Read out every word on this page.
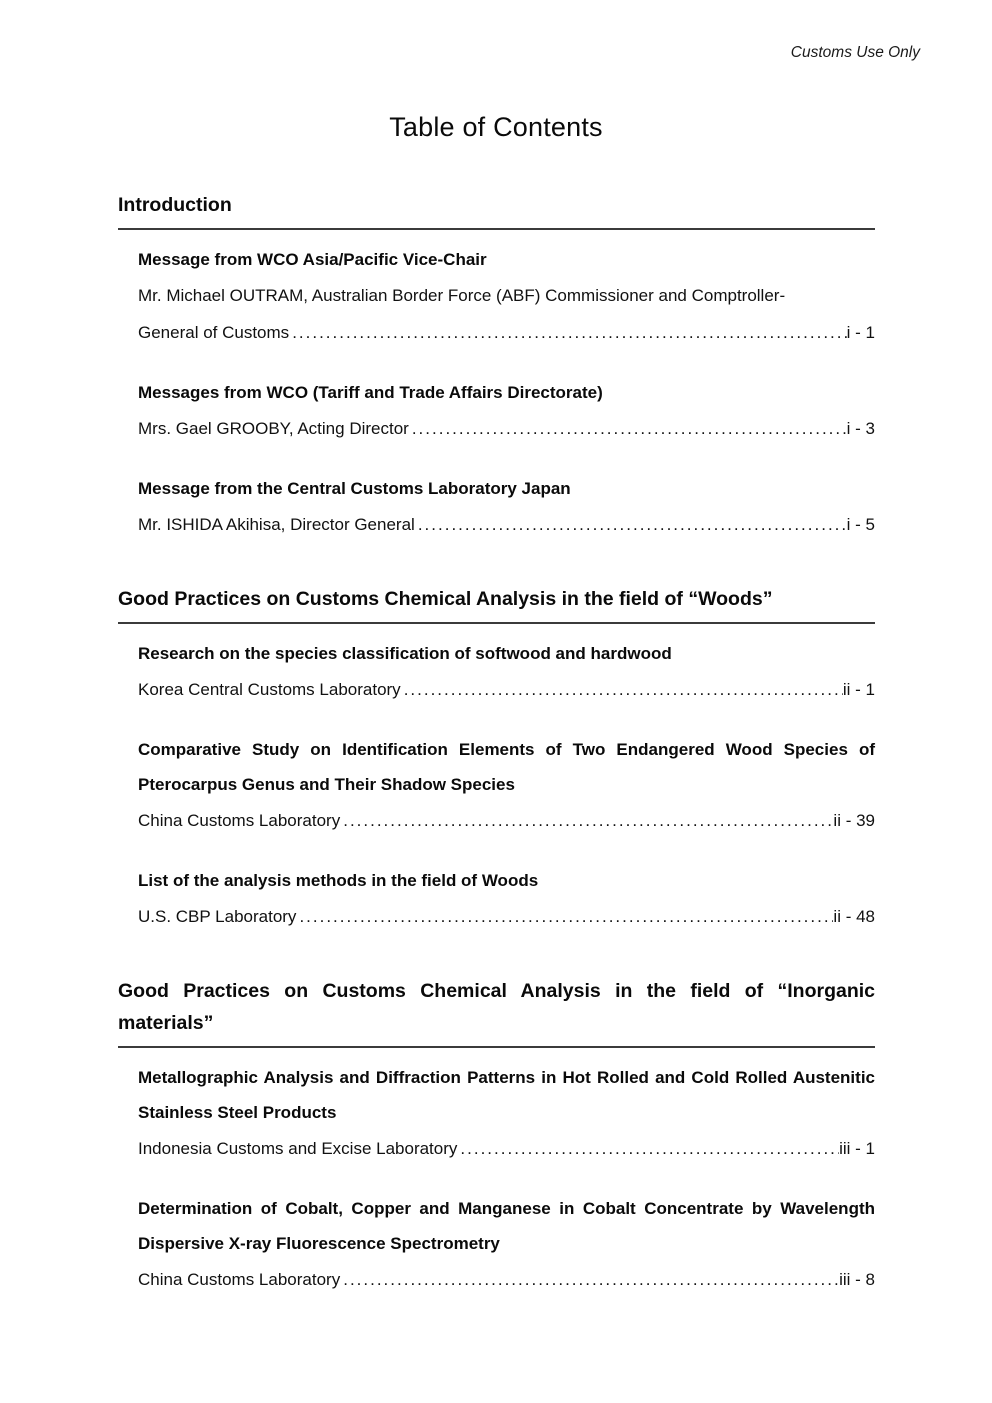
Customs Use Only
Table of Contents
Introduction

Message from WCO Asia/Pacific Vice-Chair

Mr. Michael OUTRAM, Australian Border Force (ABF) Commissioner and Comptroller-

General of Customs .....	i - 1

Messages from WCO (Tariff and Trade Affairs Directorate)

Mrs. Gael GROOBY, Acting Director .....	i - 3

Message from the Central Customs Laboratory Japan

Mr. ISHIDA Akihisa, Director General .....	i - 5

Good Practices on Customs Chemical Analysis in the field of “Woods”

Research on the species classification of softwood and hardwood

Korea Central Customs Laboratory .....	ii - 1

Comparative Study on Identification Elements of Two Endangered Wood Species of Pterocarpus Genus and Their Shadow Species

China Customs Laboratory .....	ii - 39

List of the analysis methods in the field of Woods

U.S. CBP Laboratory .....	ii - 48

Good Practices on Customs Chemical Analysis in the field of “Inorganic materials”

Metallographic Analysis and Diffraction Patterns in Hot Rolled and Cold Rolled Austenitic Stainless Steel Products

Indonesia Customs and Excise Laboratory .....	iii - 1

Determination of Cobalt, Copper and Manganese in Cobalt Concentrate by Wavelength Dispersive X-ray Fluorescence Spectrometry

China Customs Laboratory .....	iii - 8
